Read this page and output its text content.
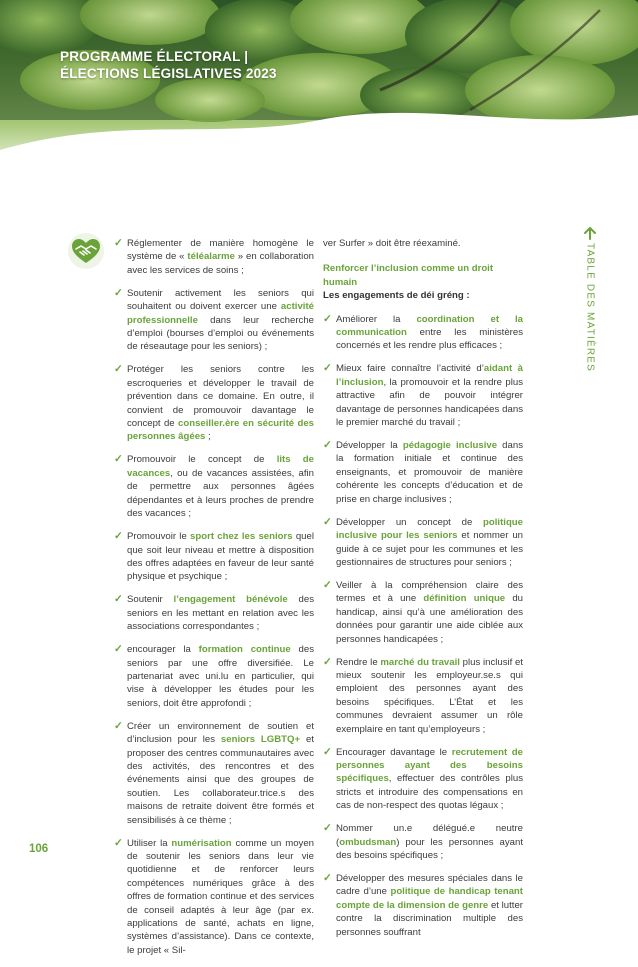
PROGRAMME ÉLECTORAL |
ÉLECTIONS LÉGISLATIVES 2023
TABLE DES MATIÈRES
✓ Réglementer de manière homogène le système de « téléalarme » en collaboration avec les services de soins ;
✓ Soutenir activement les seniors qui souhaitent ou doivent exercer une activité professionnelle dans leur recherche d’emploi (bourses d’emploi ou événements de réseautage pour les seniors) ;
✓ Protéger les seniors contre les escroqueries et développer le travail de prévention dans ce domaine. En outre, il convient de promouvoir davantage le concept de conseiller.ère en sécurité des personnes âgées ;
✓ Promouvoir le concept de lits de vacances, ou de vacances assistées, afin de permettre aux personnes âgées dépendantes et à leurs proches de prendre des vacances ;
✓ Promouvoir le sport chez les seniors quel que soit leur niveau et mettre à disposition des offres adaptées en faveur de leur santé physique et psychique ;
✓ Soutenir l’engagement bénévole des seniors en les mettant en relation avec les associations correspondantes ;
✓ encourager la formation continue des seniors par une offre diversifiée. Le partenariat avec uni.lu en particulier, qui vise à développer les études pour les seniors, doit être approfondi ;
✓ Créer un environnement de soutien et d’inclusion pour les seniors LGBTQ+ et proposer des centres communautaires avec des activités, des rencontres et des événements ainsi que des groupes de soutien. Les collaborateur.trice.s des maisons de retraite doivent être formés et sensibilisés à ce thème ;
✓ Utiliser la numérisation comme un moyen de soutenir les seniors dans leur vie quotidienne et de renforcer leurs compétences numériques grâce à des offres de formation continue et des services de conseil adaptés à leur âge (par ex. applications de santé, achats en ligne, systèmes d’assistance). Dans ce contexte, le projet « Sil-
ver Surfer » doit être réexaminé.
Renforcer l’inclusion comme un droit humain
Les engagements de déi gréng :
✓ Améliorer la coordination et la communication entre les ministères concernés et les rendre plus efficaces ;
✓ Mieux faire connaître l’activité d’aidant à l’inclusion, la promouvoir et la rendre plus attractive afin de pouvoir intégrer davantage de personnes handicapées dans le premier marché du travail ;
✓ Développer la pédagogie inclusive dans la formation initiale et continue des enseignants, et promouvoir de manière cohérente les concepts d’éducation et de prise en charge inclusives ;
✓ Développer un concept de politique inclusive pour les seniors et nommer un guide à ce sujet pour les communes et les gestionnaires de structures pour seniors ;
✓ Veiller à la compréhension claire des termes et à une définition unique du handicap, ainsi qu’à une amélioration des données pour garantir une aide ciblée aux personnes handicapées ;
✓ Rendre le marché du travail plus inclusif et mieux soutenir les employeur.se.s qui emploient des personnes ayant des besoins spécifiques. L’État et les communes devraient assumer un rôle exemplaire en tant qu’employeurs ;
✓ Encourager davantage le recrutement de personnes ayant des besoins spécifiques, effectuer des contrôles plus stricts et introduire des compensations en cas de non-respect des quotas légaux ;
✓ Nommer un.e délégué.e neutre (ombudsman) pour les personnes ayant des besoins spécifiques ;
✓ Développer des mesures spéciales dans le cadre d’une politique de handicap tenant compte de la dimension de genre et lutter contre la discrimination multiple des personnes souffrant
106
